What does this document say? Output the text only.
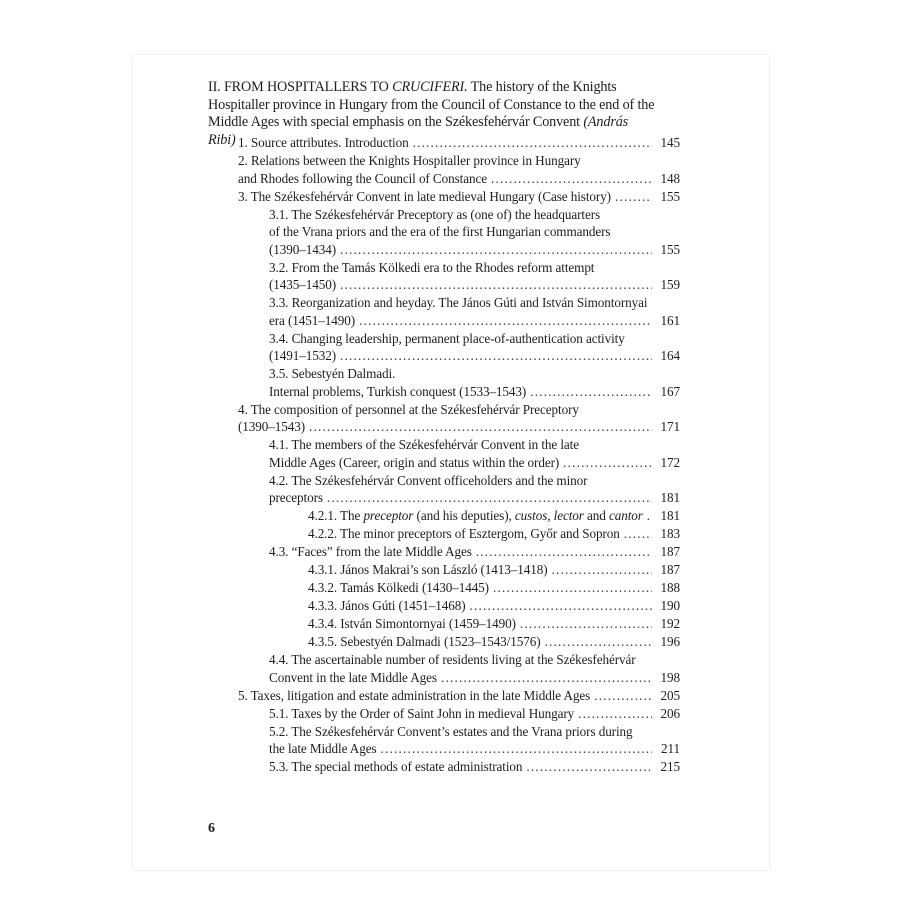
II. FROM HOSPITALLERS TO CRUCIFERI. The history of the Knights Hospitaller province in Hungary from the Council of Constance to the end of the Middle Ages with special emphasis on the Székesfehérvár Convent (András Ribi) 1. Source attributes. Introduction .....	145
2. Relations between the Knights Hospitaller province in Hungary
and Rhodes following the Council of Constance .....	148
3. The Székesfehérvár Convent in late medieval Hungary (Case history) .....	155
3.1. The Székesfehérvár Preceptory as (one of) the headquarters
of the Vrana priors and the era of the first Hungarian commanders
(1390–1434) .....	155
3.2. From the Tamás Kölkedi era to the Rhodes reform attempt
(1435–1450) .....	159
3.3. Reorganization and heyday. The János Gúti and István Simontornyai
era (1451–1490) .....	161
3.4. Changing leadership, permanent place-of-authentication activity
(1491–1532) .....	164
3.5. Sebestyén Dalmadi.
Internal problems, Turkish conquest (1533–1543) .....	167
4. The composition of personnel at the Székesfehérvár Preceptory
(1390–1543) .....	171
4.1. The members of the Székesfehérvár Convent in the late
Middle Ages (Career, origin and status within the order) .....	172
4.2. The Székesfehérvár Convent officeholders and the minor
preceptors .....	181
4.2.1. The preceptor (and his deputies), custos, lector and cantor .....	181
4.2.2. The minor preceptors of Esztergom, Győr and Sopron .....	183
4.3. “Faces” from the late Middle Ages .....	187
4.3.1. János Makrai’s son László (1413–1418) .....	187
4.3.2. Tamás Kölkedi (1430–1445) .....	188
4.3.3. János Gúti (1451–1468) .....	190
4.3.4. István Simontornyai (1459–1490) .....	192
4.3.5. Sebestyén Dalmadi (1523–1543/1576) .....	196
4.4. The ascertainable number of residents living at the Székesfehérvár
Convent in the late Middle Ages .....	198
5. Taxes, litigation and estate administration in the late Middle Ages .....	205
5.1. Taxes by the Order of Saint John in medieval Hungary .....	206
5.2. The Székesfehérvár Convent’s estates and the Vrana priors during
the late Middle Ages .....	211
5.3. The special methods of estate administration .....	215
6
